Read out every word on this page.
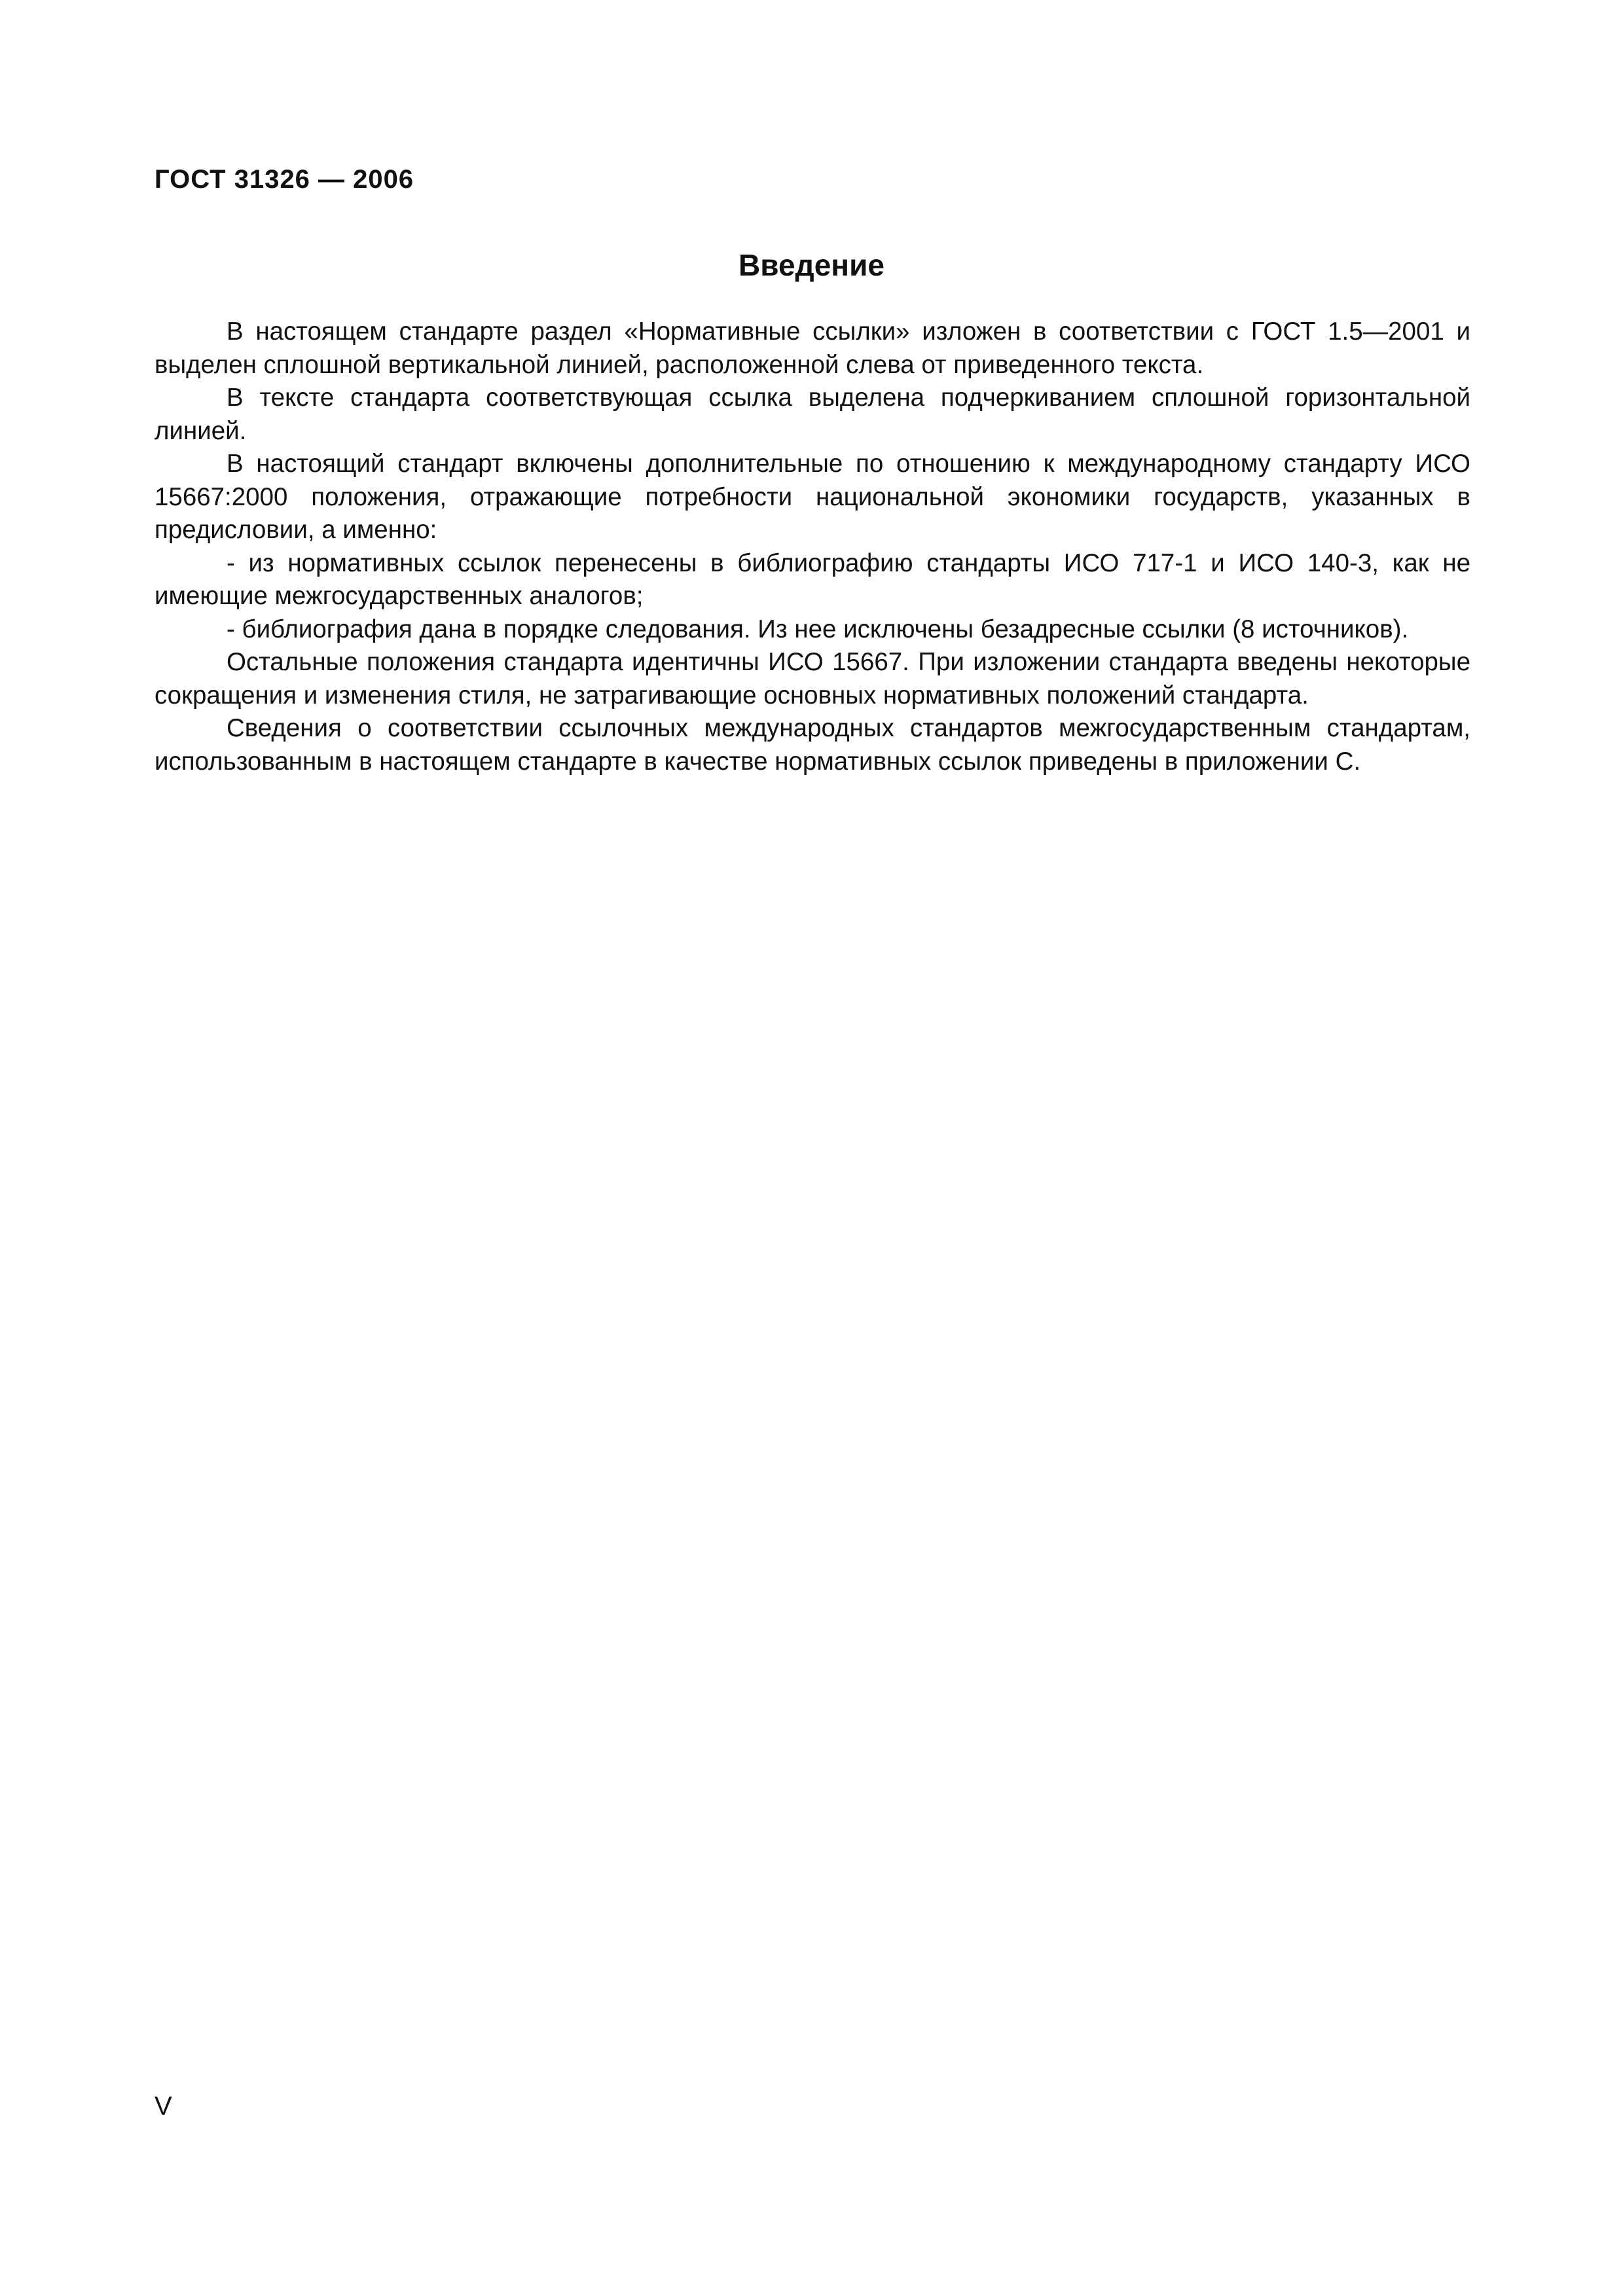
ГОСТ 31326 — 2006
Введение

В настоящем стандарте раздел «Нормативные ссылки» изложен в соответствии с ГОСТ 1.5—2001 и выделен сплошной вертикальной линией, расположенной слева от приведенного текста.

В тексте стандарта соответствующая ссылка выделена подчеркиванием сплошной горизонтальной линией.

В настоящий стандарт включены дополнительные по отношению к международному стандарту ИСО 15667:2000 положения, отражающие потребности национальной экономики государств, указанных в предисловии, а именно:

- из нормативных ссылок перенесены в библиографию стандарты ИСО 717-1 и ИСО 140-3, как не имеющие межгосударственных аналогов;

- библиография дана в порядке следования. Из нее исключены безадресные ссылки (8 источников).

Остальные положения стандарта идентичны ИСО 15667. При изложении стандарта введены некоторые сокращения и изменения стиля, не затрагивающие основных нормативных положений стандарта.

Сведения о соответствии ссылочных международных стандартов межгосударственным стандартам, использованным в настоящем стандарте в качестве нормативных ссылок приведены в приложении С.

V
